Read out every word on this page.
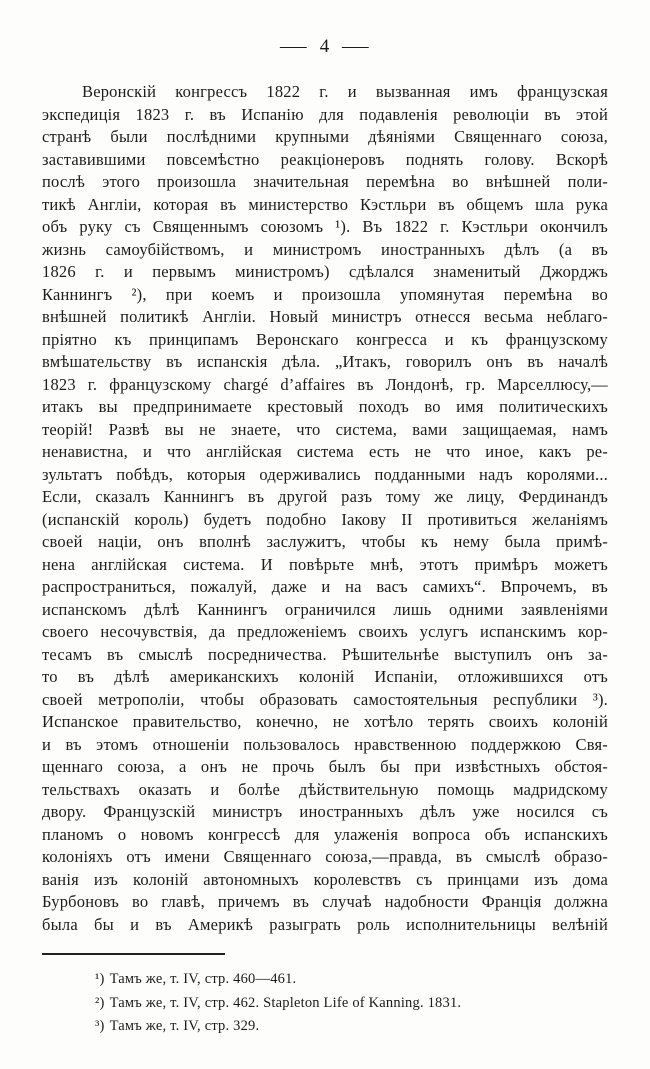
— 4 —
Веронскій конгрессъ 1822 г. и вызванная имъ французская
экспедиція 1823 г. въ Испанію для подавленія революціи въ этой
странѣ были послѣдними крупными дѣяніями Священнаго союза,
заставившими повсемѣстно реакціонеровъ поднять голову. Вскорѣ
послѣ этого произошла значительная перемѣна во внѣшней поли-
тикѣ Англіи, которая въ министерство Кэстльри въ общемъ шла рука
объ руку съ Священнымъ союзомъ ¹). Въ 1822 г. Кэстльри окончилъ
жизнь самоубійствомъ, и министромъ иностранныхъ дѣлъ (а въ
1826 г. и первымъ министромъ) сдѣлался знаменитый Джорджъ
Каннингъ ²), при коемъ и произошла упомянутая перемѣна во
внѣшней политикѣ Англіи. Новый министръ отнесся весьма неблаго-
пріятно къ принципамъ Веронскаго конгресса и къ французскому
вмѣшательству въ испанскія дѣла. „Итакъ, говорилъ онъ въ началѣ
1823 г. французскому chargé d’affaires въ Лондонѣ, гр. Марселлюсу,—
итакъ вы предпринимаете крестовый походъ во имя политическихъ
теорій! Развѣ вы не знаете, что система, вами защищаемая, намъ
ненавистна, и что англійская система есть не что иное, какъ ре-
зультатъ побѣдъ, которыя одерживались подданными надъ королями...
Если, сказалъ Каннингъ въ другой разъ тому же лицу, Фердинандъ
(испанскій король) будетъ подобно Іакову II противиться желаніямъ
своей націи, онъ вполнѣ заслужитъ, чтобы къ нему была примѣ-
нена англійская система. И повѣрьте мнѣ, этотъ примѣръ можетъ
распространиться, пожалуй, даже и на васъ самихъ“. Впрочемъ, въ
испанскомъ дѣлѣ Каннингъ ограничился лишь одними заявленіями
своего несочувствія, да предложеніемъ своихъ услугъ испанскимъ кор-
тесамъ въ смыслѣ посредничества. Рѣшительнѣе выступилъ онъ за-
то въ дѣлѣ американскихъ колоній Испаніи, отложившихся отъ
своей метрополіи, чтобы образовать самостоятельныя республики ³).
Испанское правительство, конечно, не хотѣло терять своихъ колоній
и въ этомъ отношеніи пользовалось нравственною поддержкою Свя-
щеннаго союза, а онъ не прочь былъ бы при извѣстныхъ обстоя-
тельствахъ оказать и болѣе дѣйствительную помощь мадридскому
двору. Французскій министръ иностранныхъ дѣлъ уже носился съ
планомъ о новомъ конгрессѣ для улаженія вопроса объ испанскихъ
колоніяхъ отъ имени Священнаго союза,—правда, въ смыслѣ образо-
ванія изъ колоній автономныхъ королевствъ съ принцами изъ дома
Бурбоновъ во главѣ, причемъ въ случаѣ надобности Франція должна
была бы и въ Америкѣ разыграть роль исполнительницы велѣній
¹) Тамъ же, т. IV, стр. 460—461.
²) Тамъ же, т. IV, стр. 462. Stapleton Life of Kanning. 1831.
³) Тамъ же, т. IV, стр. 329.
